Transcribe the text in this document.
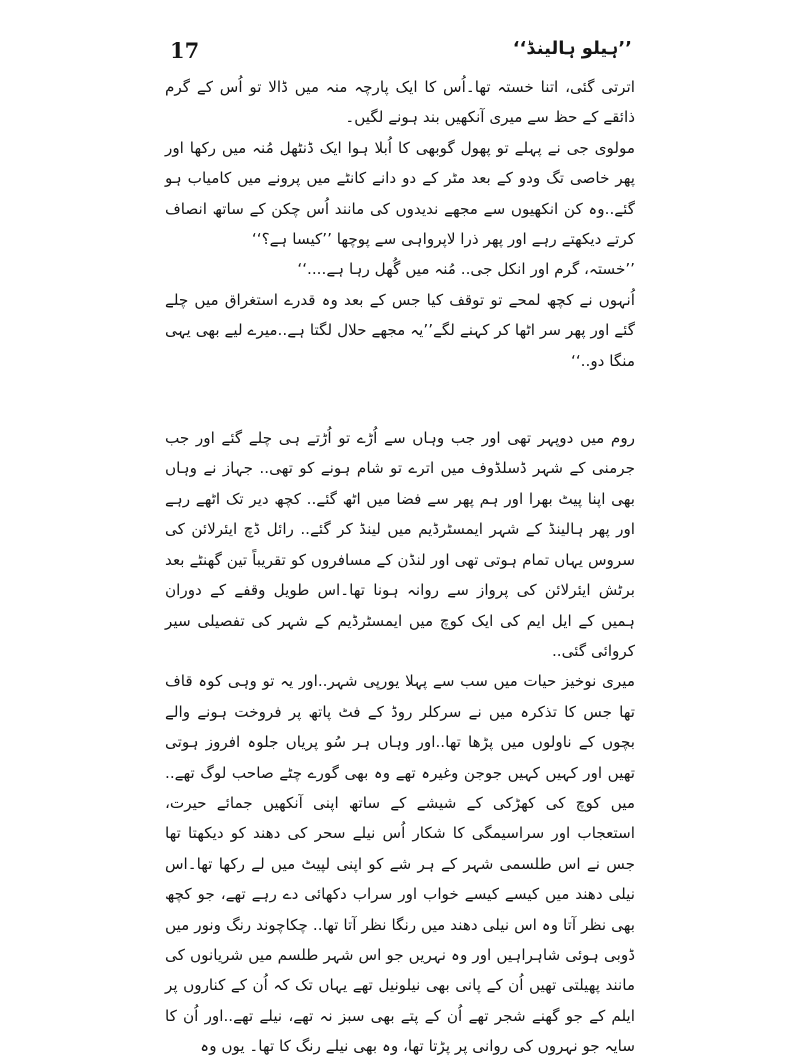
17	’’ہیلو ہالینڈ‘‘

اترتی گئی، اتنا خستہ تھا۔اُس کا ایک پارچہ منہ میں ڈالا تو اُس کے گرم ذائقے کے حظ سے میری آنکھیں بند ہونے لگیں۔

مولوی جی نے پہلے تو پھول گوبھی کا اُبلا ہوا ایک ڈنٹھل مُنہ میں رکھا اور پھر خاصی تگ ودو کے بعد مٹر کے دو دانے کانٹے میں پرونے میں کامیاب ہو گئے..وہ کن انکھیوں سے مجھے ندیدوں کی مانند اُس چکن کے ساتھ انصاف کرتے دیکھتے رہے اور پھر ذرا لاپرواہی سے پوچھا ’’کیسا ہے؟‘‘

’’خستہ، گرم اور انکل جی.. مُنہ میں گُھل رہا ہے....‘‘

اُنہوں نے کچھ لمحے تو توقف کیا جس کے بعد وہ قدرے استغراق میں چلے گئے اور پھر سر اٹھا کر کہنے لگے’’یہ مجھے حلال لگتا ہے..میرے لیے بھی یہی منگا دو..‘‘

روم میں دوپہر تھی اور جب وہاں سے اُڑے تو اُڑتے ہی چلے گئے اور جب جرمنی کے شہر ڈسلڈوف میں اترے تو شام ہونے کو تھی.. جہاز نے وہاں بھی اپنا پیٹ بھرا اور ہم پھر سے فضا میں اٹھ گئے.. کچھ دیر تک اٹھے رہے اور پھر ہالینڈ کے شہر ایمسٹرڈیم میں لینڈ کر گئے.. رائل ڈچ ایئرلائن کی سروس یہاں تمام ہوتی تھی اور لنڈن کے مسافروں کو تقریباً تین گھنٹے بعد برٹش ایئرلائن کی پرواز سے روانہ ہونا تھا۔اس طویل وقفے کے دوران ہمیں کے ایل ایم کی ایک کوچ میں ایمسٹرڈیم کے شہر کی تفصیلی سیر کروائی گئی..

میری نوخیز حیات میں سب سے پہلا یورپی شہر..اور یہ تو وہی کوہ قاف تھا جس کا تذکرہ میں نے سرکلر روڈ کے فٹ پاتھ پر فروخت ہونے والے بچوں کے ناولوں میں پڑھا تھا..اور وہاں ہر سُو پریاں جلوہ افروز ہوتی تھیں اور کہیں کہیں جوجن وغیرہ تھے وہ بھی گورے چٹے صاحب لوگ تھے.. میں کوچ کی کھڑکی کے شیشے کے ساتھ اپنی آنکھیں جمائے حیرت، استعجاب اور سراسیمگی کا شکار اُس نیلے سحر کی دھند کو دیکھتا تھا جس نے اس طلسمی شہر کے ہر شے کو اپنی لپیٹ میں لے رکھا تھا۔اس نیلی دھند میں کیسے کیسے خواب اور سراب دکھائی دے رہے تھے، جو کچھ بھی نظر آتا وہ اس نیلی دھند میں رنگا نظر آتا تھا.. چکاچوند رنگ ونور میں ڈوبی ہوئی شاہراہیں اور وہ نہریں جو اس شہر طلسم میں شریانوں کی مانند پھیلتی تھیں اُن کے پانی بھی نیلونیل تھے یہاں تک کہ اُن کے کناروں پر ایلم کے جو گھنے شجر تھے اُن کے پتے بھی سبز نہ تھے، نیلے تھے..اور اُن کا سایہ جو نہروں کی روانی پر پڑتا تھا، وہ بھی نیلے رنگ کا تھا۔ یوں وہ
